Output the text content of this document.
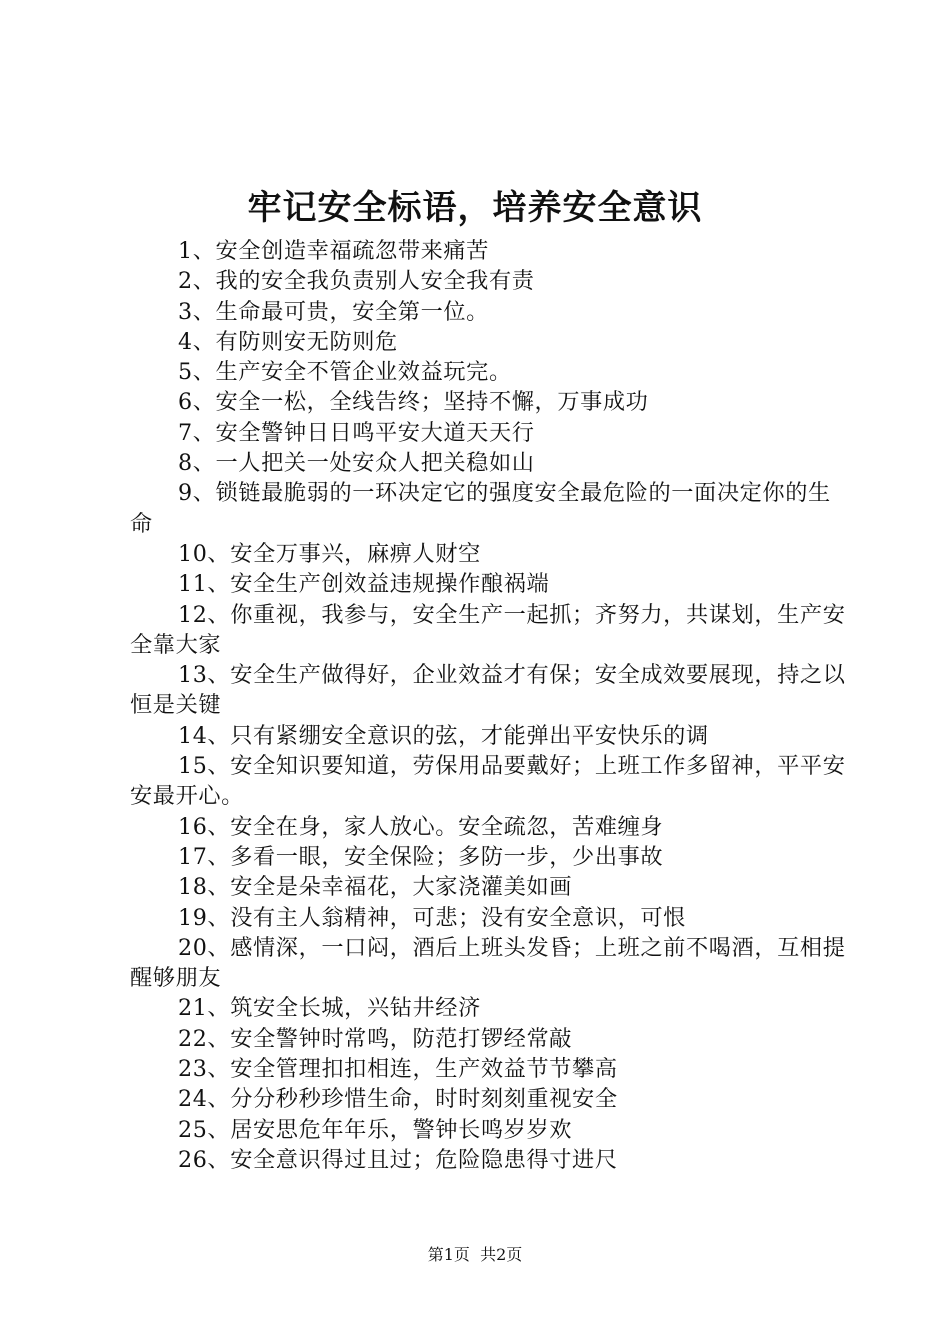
牢记安全标语，培养安全意识
1、安全创造幸福疏忽带来痛苦
2、我的安全我负责别人安全我有责
3、生命最可贵，安全第一位。
4、有防则安无防则危
5、生产安全不管企业效益玩完。
6、安全一松，全线告终；坚持不懈，万事成功
7、安全警钟日日鸣平安大道天天行
8、一人把关一处安众人把关稳如山
9、锁链最脆弱的一环决定它的强度安全最危险的一面决定你的生命
10、安全万事兴，麻痹人财空
11、安全生产创效益违规操作酿祸端
12、你重视，我参与，安全生产一起抓；齐努力，共谋划，生产安全靠大家
13、安全生产做得好，企业效益才有保；安全成效要展现，持之以恒是关键
14、只有紧绷安全意识的弦，才能弹出平安快乐的调
15、安全知识要知道，劳保用品要戴好；上班工作多留神，平平安安最开心。
16、安全在身，家人放心。安全疏忽，苦难缠身
17、多看一眼，安全保险；多防一步，少出事故
18、安全是朵幸福花，大家浇灌美如画
19、没有主人翁精神，可悲；没有安全意识，可恨
20、感情深，一口闷，酒后上班头发昏；上班之前不喝酒，互相提醒够朋友
21、筑安全长城，兴钻井经济
22、安全警钟时常鸣，防范打锣经常敲
23、安全管理扣扣相连，生产效益节节攀高
24、分分秒秒珍惜生命，时时刻刻重视安全
25、居安思危年年乐，警钟长鸣岁岁欢
26、安全意识得过且过；危险隐患得寸进尺
第1页  共2页
